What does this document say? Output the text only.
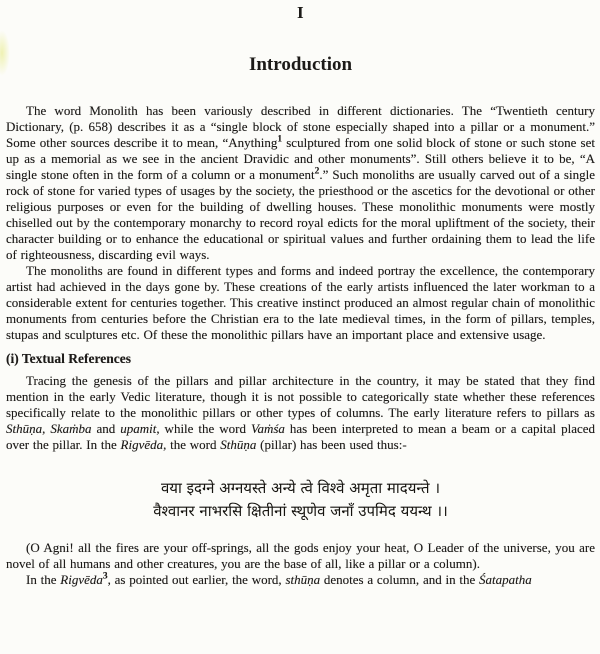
I
Introduction

The word Monolith has been variously described in different dictionaries. The “Twentieth century Dictionary, (p. 658) describes it as a “single block of stone especially shaped into a pillar or a monument.” Some other sources describe it to mean, “Anything$^1$ sculptured from one solid block of stone or such stone set up as a memorial as we see in the ancient Dravidic and other monuments”. Still others believe it to be, “A single stone often in the form of a column or a monument$^2$.” Such monoliths are usually carved out of a single rock of stone for varied types of usages by the society, the priesthood or the ascetics for the devotional or other religious purposes or even for the building of dwelling houses. These monolithic monuments were mostly chiselled out by the contemporary monarchy to record royal edicts for the moral upliftment of the society, their character building or to enhance the educational or spiritual values and further ordaining them to lead the life of righteousness, discarding evil ways.

The monoliths are found in different types and forms and indeed portray the excellence, the contemporary artist had achieved in the days gone by. These creations of the early artists influenced the later workman to a considerable extent for centuries together. This creative instinct produced an almost regular chain of monolithic monuments from centuries before the Christian era to the late medieval times, in the form of pillars, temples, stupas and sculptures etc. Of these the monolithic pillars have an important place and extensive usage.

(i) Textual References

Tracing the genesis of the pillars and pillar architecture in the country, it may be stated that they find mention in the early Vedic literature, though it is not possible to categorically state whether these references specifically relate to the monolithic pillars or other types of columns. The early literature refers to pillars as Sthūṇa, Skaṁba and upamit, while the word Vaṁśa has been interpreted to mean a beam or a capital placed over the pillar. In the Rigvēda, the word Sthūṇa (pillar) has been used thus:-

वया इदग्ने अग्नयस्ते अन्ये त्वे विश्वे अमृता मादयन्ते ।
वैश्वानर नाभरसि क्षितीनां स्थूणेव जनाँ उपमिद ययन्थ ।।

(O Agni! all the fires are your off-springs, all the gods enjoy your heat, O Leader of the universe, you are novel of all humans and other creatures, you are the base of all, like a pillar or a column).

In the Rigvēda$^3$, as pointed out earlier, the word, sthūṇa denotes a column, and in the Śatapatha
